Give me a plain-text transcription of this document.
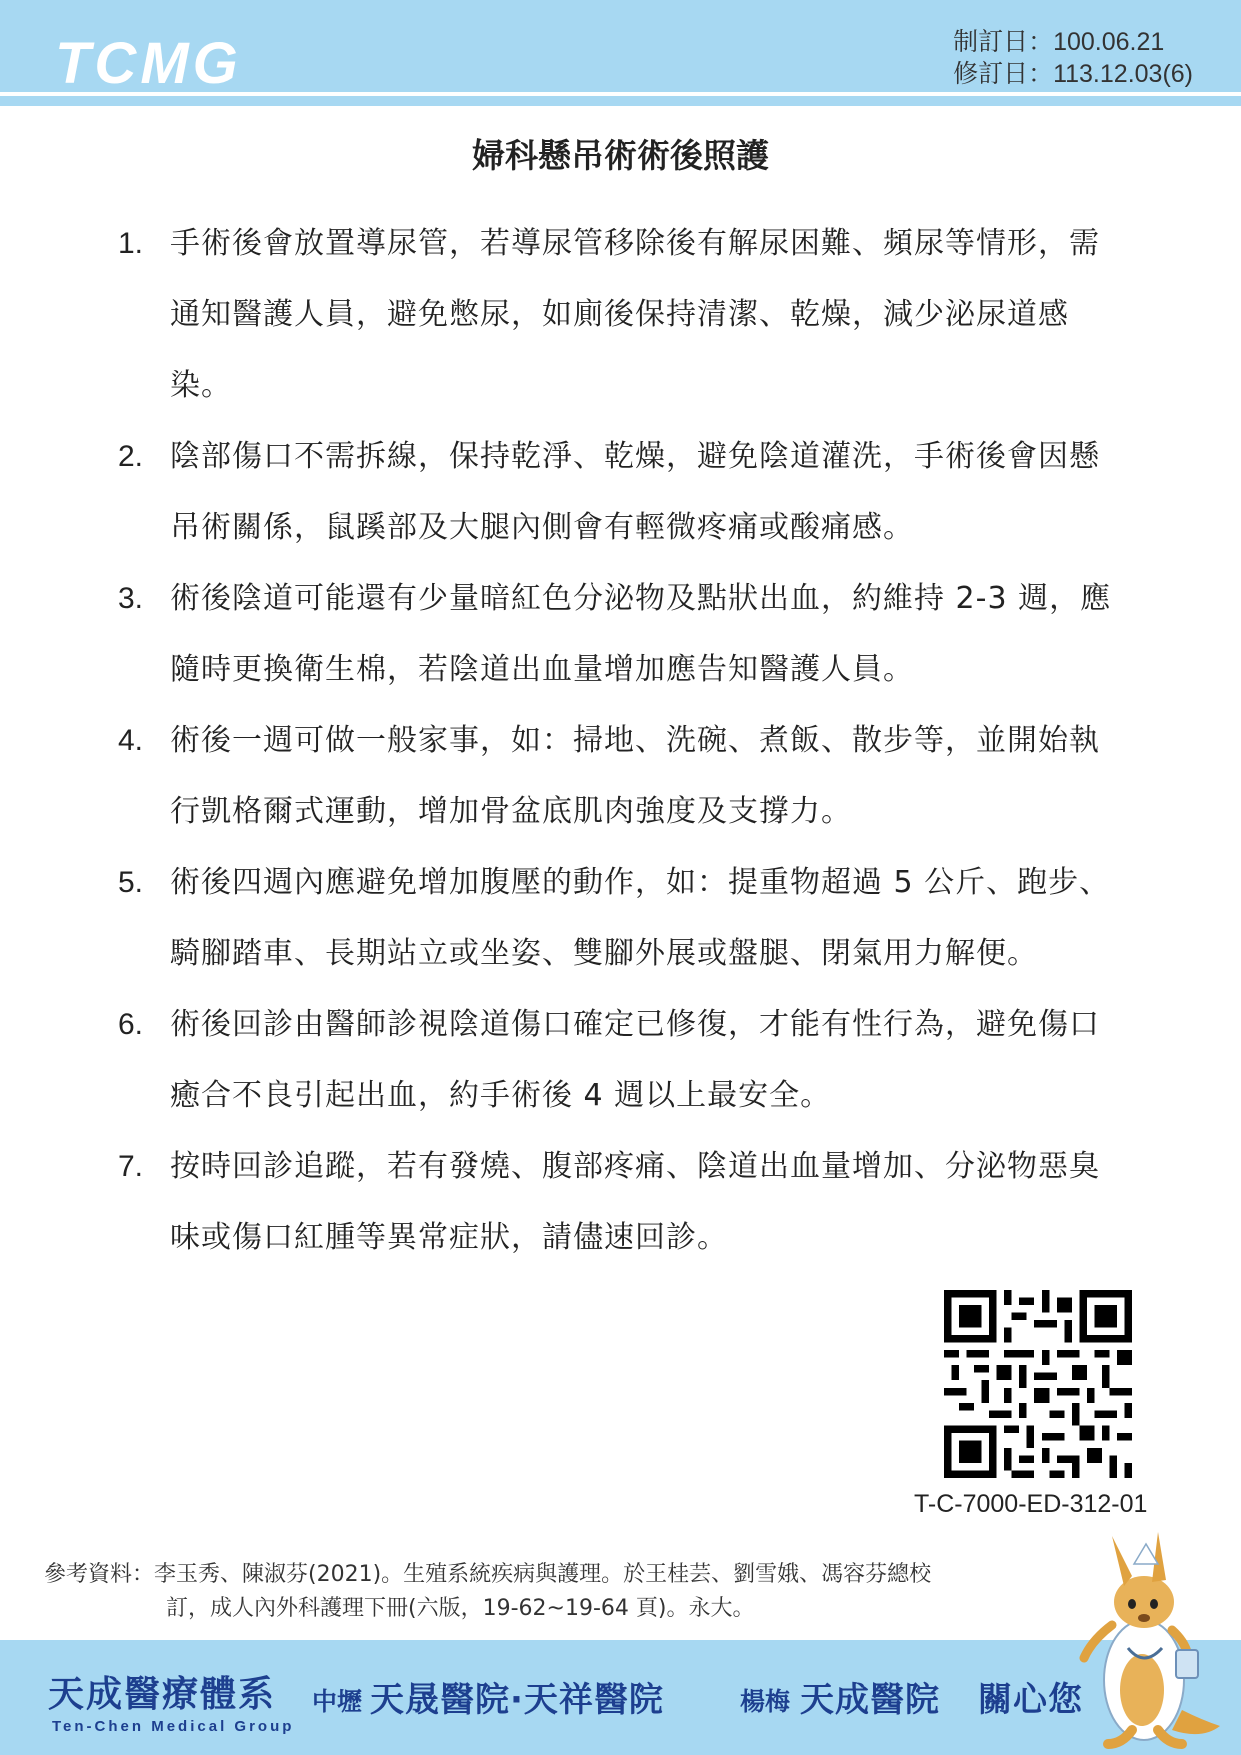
TCMG	制訂日：100.06.21
修訂日：113.12.03(6)
婦科懸吊術術後照護
1. 手術後會放置導尿管，若導尿管移除後有解尿困難、頻尿等情形，需通知醫護人員，避免憋尿，如廁後保持清潔、乾燥，減少泌尿道感染。
2. 陰部傷口不需拆線，保持乾淨、乾燥，避免陰道灌洗，手術後會因懸吊術關係，鼠蹊部及大腿內側會有輕微疼痛或酸痛感。
3. 術後陰道可能還有少量暗紅色分泌物及點狀出血，約維持 2-3 週，應隨時更換衛生棉，若陰道出血量增加應告知醫護人員。
4. 術後一週可做一般家事，如：掃地、洗碗、煮飯、散步等，並開始執行凱格爾式運動，增加骨盆底肌肉強度及支撐力。
5. 術後四週內應避免增加腹壓的動作，如：提重物超過 5 公斤、跑步、騎腳踏車、長期站立或坐姿、雙腳外展或盤腿、閉氣用力解便。
6. 術後回診由醫師診視陰道傷口確定已修復，才能有性行為，避免傷口癒合不良引起出血，約手術後 4 週以上最安全。
7. 按時回診追蹤，若有發燒、腹部疼痛、陰道出血量增加、分泌物惡臭味或傷口紅腫等異常症狀，請儘速回診。
T-C-7000-ED-312-01
參考資料：李玉秀、陳淑芬(2021)。生殖系統疾病與護理。於王桂芸、劉雪娥、馮容芬總校
訂，成人內外科護理下冊(六版，19-62~19-64 頁)。永大。
天成醫療體系
Ten-Chen Medical Group
中壢 天晟醫院·天祥醫院	楊梅 天成醫院 關心您
